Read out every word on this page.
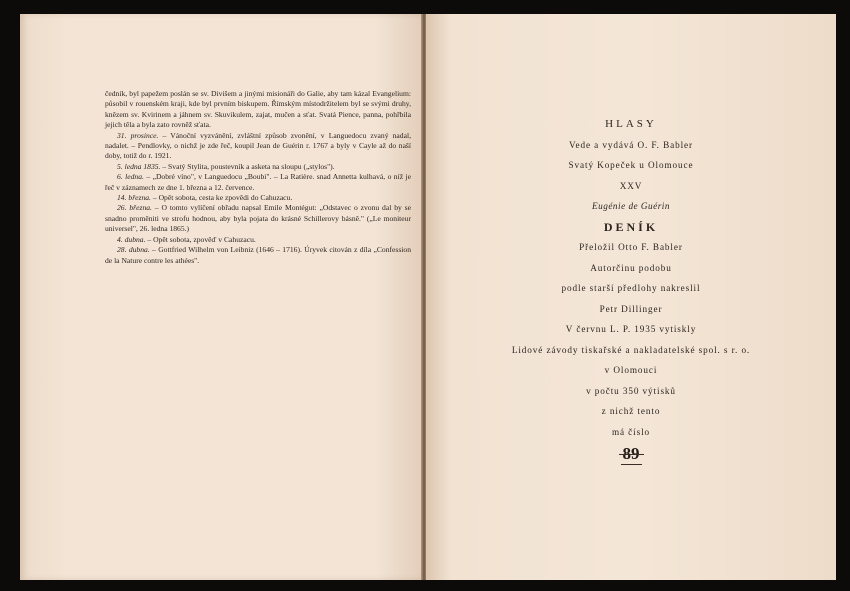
čedník, byl papežem poslán se sv. Divišem a jinými misionáři do Galie, aby tam kázal Evangelium: působil v rouenském kraji, kde byl prvním biskupem. Římským místodržitelem byl se svými druhy, knězem sv. Kvirinem a jáhnem sv. Skuvikulem, zajat, mučen a sťat. Svatá Pience, panna, pohřbila jejich těla a byla zato rovněž sťata.

31. prosince. – Vánoční vyzvánění, zvláštní způsob zvonění, v Languedocu zvaný nadal, nadalet. – Pendlovky, o nichž je zde řeč, koupil Jean de Guérin r. 1767 a byly v Cayle až do naší doby, totiž do r. 1921.

5. ledna 1835. – Svatý Stylita, poustevník a asketa na sloupu („stylos").

6. ledna. – „Dobré víno", v Languedocu „Boubi". – La Ratière. snad Annetta kulhavá, o níž je řeč v záznamech ze dne 1. března a 12. července.

14. března. – Opět sobota, cesta ke zpovědi do Cahuzacu.

26. března. – O tomto vylíčení obřadu napsal Emile Montégut: „Odstavec o zvonu dal by se snadno proměniti ve strofu hodnou, aby byla pojata do krásné Schillerovy básně." („Le moniteur universel", 26. ledna 1865.)

4. dubna. – Opět sobota, zpověď v Cahuzacu.

28. dubna. – Gottfried Wilhelm von Leibniz (1646 – 1716). Úryvek citován z díla „Confession de la Nature contre les athées".

HLASY
Vede a vydává O. F. Babler
Svatý Kopeček u Olomouce
XXV
Eugénie de Guérin
DENÍK
Přeložil Otto F. Babler
Autorčinu podobu
podle starší předlohy nakreslil
Petr Dillinger
V červnu L. P. 1935 vytiskly
Lidové závody tiskařské a nakladatelské spol. s r. o.
v Olomouci
v počtu 350 výtisků
z nichž tento
má číslo
89
